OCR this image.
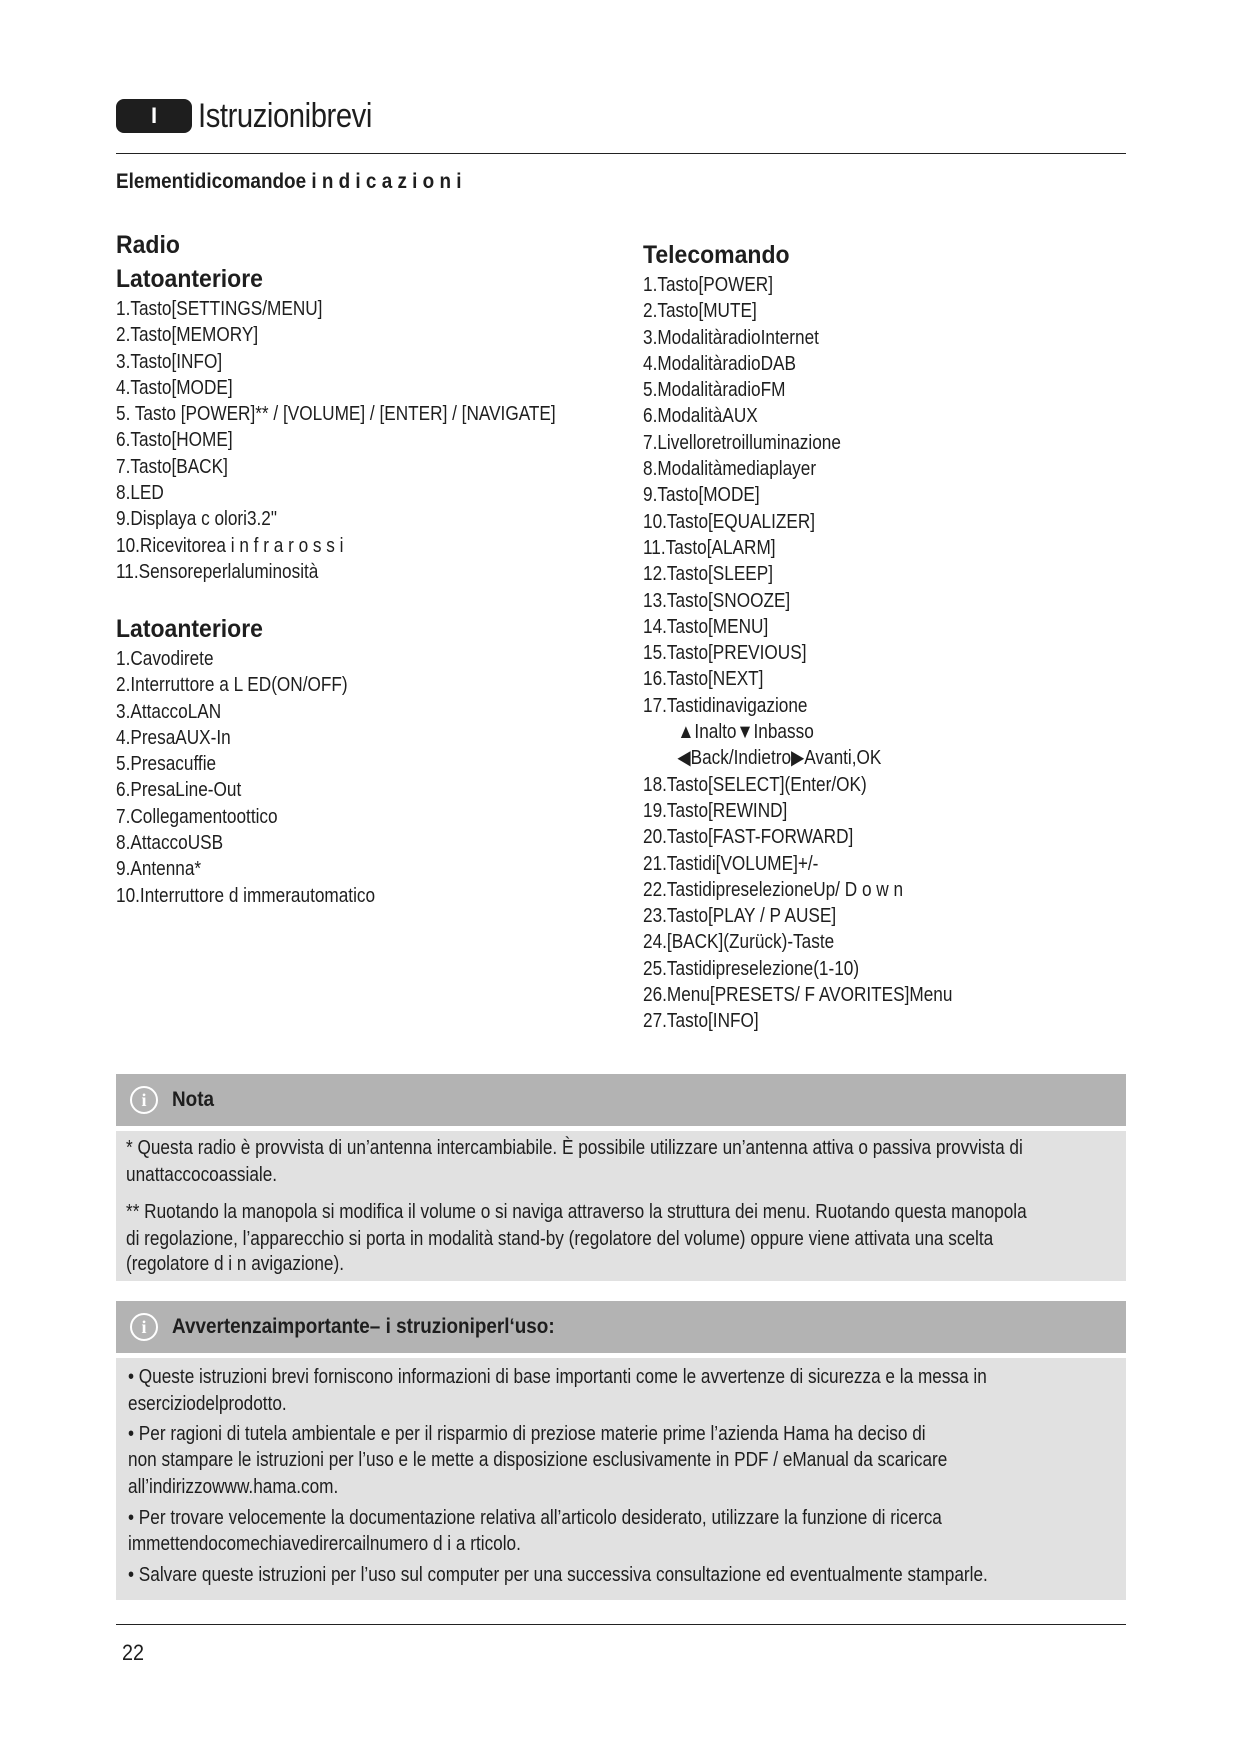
I	Istruzionibrevi
Elementidicomandoe i n d i c a z i o n i
Radio
Latoanteriore
1.Tasto[SETTINGS/MENU]
2.Tasto[MEMORY]
3.Tasto[INFO]
4.Tasto[MODE]
5. Tasto [POWER]** / [VOLUME] / [ENTER] / [NAVIGATE]
6.Tasto[HOME]
7.Tasto[BACK]
8.LED
9.Displaya c olori3.2"
10.Ricevitorea i n f r a r o s s i
11.Sensoreperlaluminosità
Latoanteriore
1.Cavodirete
2.Interruttore a L ED(ON/OFF)
3.AttaccoLAN
4.PresaAUX-In
5.Presacuffie
6.PresaLine-Out
7.Collegamentoottico
8.AttaccoUSB
9.Antenna*
10.Interruttore d immerautomatico
Telecomando
1.Tasto[POWER]
2.Tasto[MUTE]
3.ModalitàradioInternet
4.ModalitàradioDAB
5.ModalitàradioFM
6.ModalitàAUX
7.Livelloretroilluminazione
8.Modalitàmediaplayer
9.Tasto[MODE]
10.Tasto[EQUALIZER]
11.Tasto[ALARM]
12.Tasto[SLEEP]
13.Tasto[SNOOZE]
14.Tasto[MENU]
15.Tasto[PREVIOUS]
16.Tasto[NEXT]
17.Tastidinavigazione
▲Inalto▼Inbasso
◀Back/Indietro▶Avanti,OK
18.Tasto[SELECT](Enter/OK)
19.Tasto[REWIND]
20.Tasto[FAST-FORWARD]
21.Tastidi[VOLUME]+/-
22.TastidipreselezioneUp/ D o w n
23.Tasto[PLAY / P AUSE]
24.[BACK](Zurück)-Taste
25.Tastidipreselezione(1-10)
26.Menu[PRESETS/ F AVORITES]Menu
27.Tasto[INFO]
i	Nota
* Questa radio è provvista di un’antenna intercambiabile. È possibile utilizzare un’antenna attiva o passiva provvista di
unattaccocoassiale.
** Ruotando la manopola si modifica il volume o si naviga attraverso la struttura dei menu. Ruotando questa manopola
di regolazione, l’apparecchio si porta in modalità stand-by (regolatore del volume) oppure viene attivata una scelta
(regolatore d i n avigazione).
i	Avvertenzaimportante– i struzioniperl‘uso:
• Queste istruzioni brevi forniscono informazioni di base importanti come le avvertenze di sicurezza e la messa in
eserciziodelprodotto.
• Per ragioni di tutela ambientale e per il risparmio di preziose materie prime l’azienda Hama ha deciso di
non stampare le istruzioni per l’uso e le mette a disposizione esclusivamente in PDF / eManual da scaricare
all’indirizzowww.hama.com.
• Per trovare velocemente la documentazione relativa all’articolo desiderato, utilizzare la funzione di ricerca
immettendocomechiavedirercailnumero d i a rticolo.
• Salvare queste istruzioni per l’uso sul computer per una successiva consultazione ed eventualmente stamparle.
22
